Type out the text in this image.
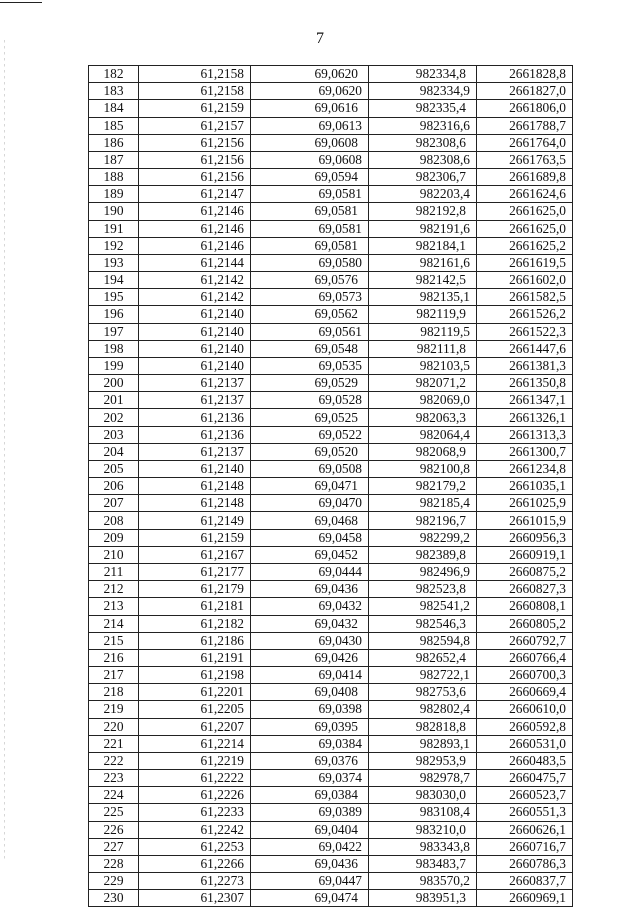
7
182	61,2158	69,0620	982334,8	2661828,8
183	61,2158	69,0620	982334,9	2661827,0
184	61,2159	69,0616	982335,4	2661806,0
185	61,2157	69,0613	982316,6	2661788,7
186	61,2156	69,0608	982308,6	2661764,0
187	61,2156	69,0608	982308,6	2661763,5
188	61,2156	69,0594	982306,7	2661689,8
189	61,2147	69,0581	982203,4	2661624,6
190	61,2146	69,0581	982192,8	2661625,0
191	61,2146	69,0581	982191,6	2661625,0
192	61,2146	69,0581	982184,1	2661625,2
193	61,2144	69,0580	982161,6	2661619,5
194	61,2142	69,0576	982142,5	2661602,0
195	61,2142	69,0573	982135,1	2661582,5
196	61,2140	69,0562	982119,9	2661526,2
197	61,2140	69,0561	982119,5	2661522,3
198	61,2140	69,0548	982111,8	2661447,6
199	61,2140	69,0535	982103,5	2661381,3
200	61,2137	69,0529	982071,2	2661350,8
201	61,2137	69,0528	982069,0	2661347,1
202	61,2136	69,0525	982063,3	2661326,1
203	61,2136	69,0522	982064,4	2661313,3
204	61,2137	69,0520	982068,9	2661300,7
205	61,2140	69,0508	982100,8	2661234,8
206	61,2148	69,0471	982179,2	2661035,1
207	61,2148	69,0470	982185,4	2661025,9
208	61,2149	69,0468	982196,7	2661015,9
209	61,2159	69,0458	982299,2	2660956,3
210	61,2167	69,0452	982389,8	2660919,1
211	61,2177	69,0444	982496,9	2660875,2
212	61,2179	69,0436	982523,8	2660827,3
213	61,2181	69,0432	982541,2	2660808,1
214	61,2182	69,0432	982546,3	2660805,2
215	61,2186	69,0430	982594,8	2660792,7
216	61,2191	69,0426	982652,4	2660766,4
217	61,2198	69,0414	982722,1	2660700,3
218	61,2201	69,0408	982753,6	2660669,4
219	61,2205	69,0398	982802,4	2660610,0
220	61,2207	69,0395	982818,8	2660592,8
221	61,2214	69,0384	982893,1	2660531,0
222	61,2219	69,0376	982953,9	2660483,5
223	61,2222	69,0374	982978,7	2660475,7
224	61,2226	69,0384	983030,0	2660523,7
225	61,2233	69,0389	983108,4	2660551,3
226	61,2242	69,0404	983210,0	2660626,1
227	61,2253	69,0422	983343,8	2660716,7
228	61,2266	69,0436	983483,7	2660786,3
229	61,2273	69,0447	983570,2	2660837,7
230	61,2307	69,0474	983951,3	2660969,1
